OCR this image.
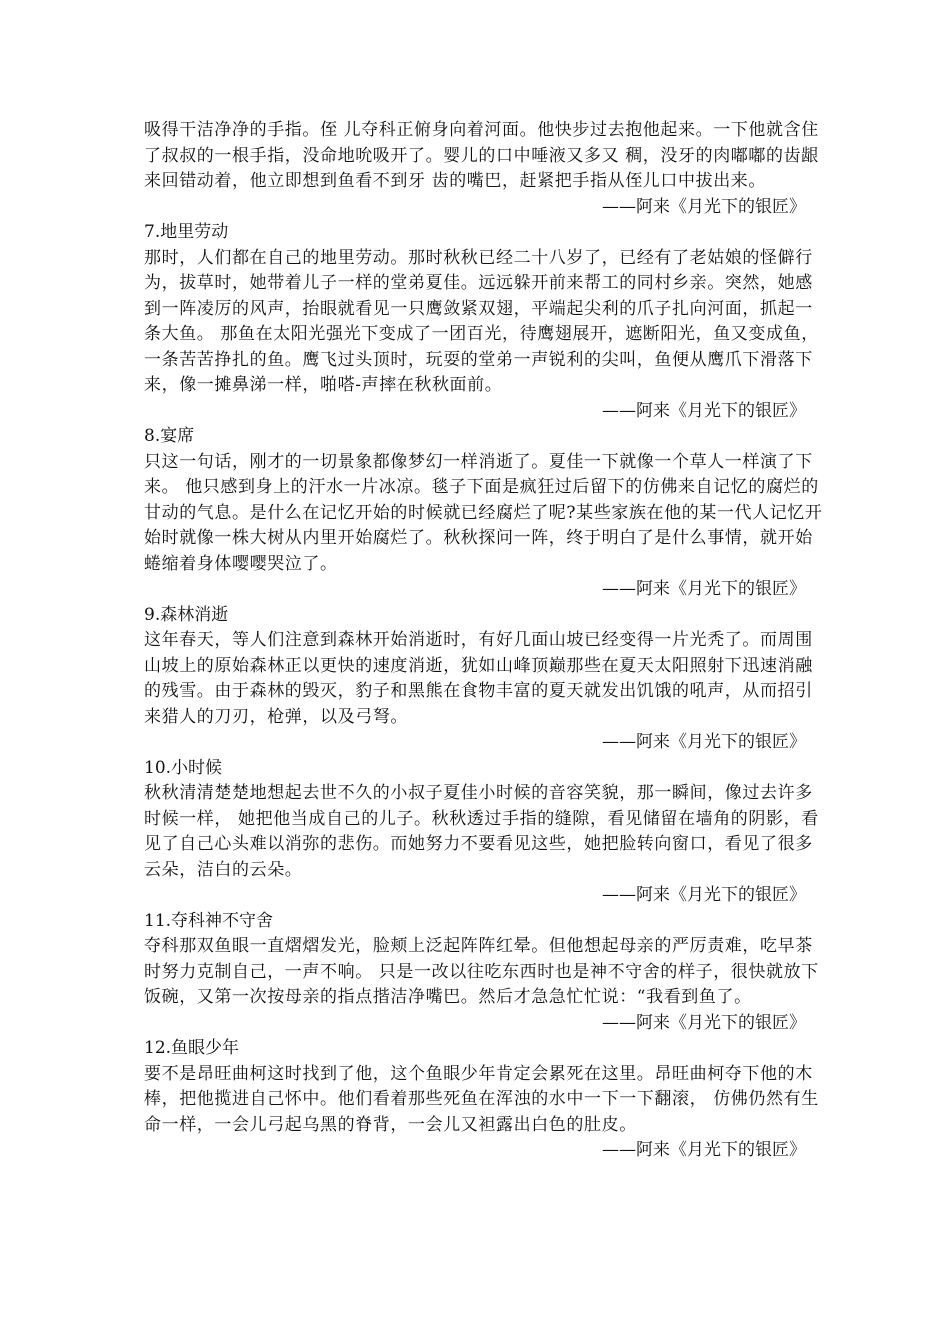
吸得干洁净净的手指。侄 儿夺科正俯身向着河面。他快步过去抱他起来。一下他就含住 了叔叔的一根手指，没命地吮吸开了。婴儿的口中唾液又多又 稠，没牙的肉嘟嘟的齿龈来回错动着，他立即想到鱼看不到牙 齿的嘴巴，赶紧把手指从侄儿口中拔出来。

——阿来《月光下的银匠》

7.地里劳动

那时，人们都在自己的地里劳动。那时秋秋已经二十八岁了，已经有了老姑娘的怪僻行为，拔草时，她带着儿子一样的堂弟夏佳。远远躲开前来帮工的同村乡亲。突然，她感到一阵凌厉的风声，抬眼就看见一只鹰敛紧双翅，平端起尖利的爪子扎向河面，抓起一条大鱼。 那鱼在太阳光强光下变成了一团百光，待鹰翅展开，遮断阳光，鱼又变成鱼，一条苦苦挣扎的鱼。鹰飞过头顶时，玩耍的堂弟一声锐利的尖叫，鱼便从鹰爪下滑落下来，像一摊鼻涕一样，啪嗒-声摔在秋秋面前。

——阿来《月光下的银匠》

8.宴席

只这一句话，刚才的一切景象都像梦幻一样消逝了。夏佳一下就像一个草人一样演了下来。 他只感到身上的汗水一片冰凉。毯子下面是疯狂过后留下的仿佛来自记忆的腐烂的甘动的气息。是什么在记忆开始的时候就已经腐烂了呢?某些家族在他的某一代人记忆开始时就像一株大树从内里开始腐烂了。秋秋探问一阵，终于明白了是什么事情，就开始蜷缩着身体嘤嘤哭泣了。

——阿来《月光下的银匠》

9.森林消逝

这年春天，等人们注意到森林开始消逝时，有好几面山坡已经变得一片光秃了。而周围山坡上的原始森林正以更快的速度消逝，犹如山峰顶巅那些在夏天太阳照射下迅速消融的残雪。由于森林的毁灭，豹子和黑熊在食物丰富的夏天就发出饥饿的吼声，从而招引来猎人的刀刃，枪弹，以及弓弩。

——阿来《月光下的银匠》

10.小时候

秋秋清清楚楚地想起去世不久的小叔子夏佳小时候的音容笑貌，那一瞬间，像过去许多时候一样， 她把他当成自己的儿子。秋秋透过手指的缝隙，看见储留在墙角的阴影，看见了自己心头难以消弥的悲伤。而她努力不要看见这些，她把脸转向窗口，看见了很多云朵，洁白的云朵。

——阿来《月光下的银匠》

11.夺科神不守舍

夺科那双鱼眼一直熠熠发光，脸颊上泛起阵阵红晕。但他想起母亲的严厉责难，吃早茶时努力克制自己，一声不响。 只是一改以往吃东西时也是神不守舍的样子，很快就放下饭碗，又第一次按母亲的指点揩洁净嘴巴。然后才急急忙忙说：“我看到鱼了。

——阿来《月光下的银匠》

12.鱼眼少年

要不是昂旺曲柯这时找到了他，这个鱼眼少年肯定会累死在这里。昂旺曲柯夺下他的木棒，把他揽进自己怀中。他们看着那些死鱼在浑浊的水中一下一下翻滚， 仿佛仍然有生命一样，一会儿弓起乌黑的脊背，一会儿又袒露出白色的肚皮。

——阿来《月光下的银匠》
